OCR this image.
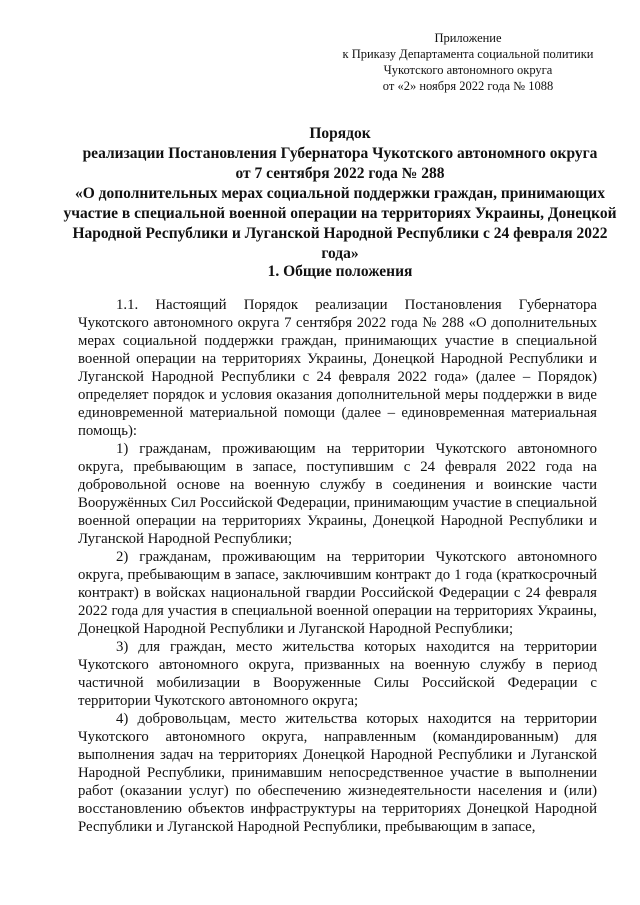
Приложение
к Приказу Департамента социальной политики
Чукотского автономного округа
от «2» ноября 2022 года № 1088
Порядок
реализации Постановления Губернатора Чукотского автономного округа
от 7 сентября 2022 года № 288
«О дополнительных мерах социальной поддержки граждан, принимающих участие в специальной военной операции на территориях Украины, Донецкой Народной Республики и Луганской Народной Республики с 24 февраля 2022 года»
1. Общие положения

1.1. Настоящий Порядок реализации Постановления Губернатора Чукотского автономного округа 7 сентября 2022 года № 288 «О дополнительных мерах социальной поддержки граждан, принимающих участие в специальной военной операции на территориях Украины, Донецкой Народной Республики и Луганской Народной Республики с 24 февраля 2022 года» (далее – Порядок) определяет порядок и условия оказания дополнительной меры поддержки в виде единовременной материальной помощи (далее – единовременная материальная помощь):

1) гражданам, проживающим на территории Чукотского автономного округа, пребывающим в запасе, поступившим с 24 февраля 2022 года на добровольной основе на военную службу в соединения и воинские части Вооружённых Сил Российской Федерации, принимающим участие в специальной военной операции на территориях Украины, Донецкой Народной Республики и Луганской Народной Республики;

2) гражданам, проживающим на территории Чукотского автономного округа, пребывающим в запасе, заключившим контракт до 1 года (краткосрочный контракт) в войсках национальной гвардии Российской Федерации с 24 февраля 2022 года для участия в специальной военной операции на территориях Украины, Донецкой Народной Республики и Луганской Народной Республики;

3) для граждан, место жительства которых находится на территории Чукотского автономного округа, призванных на военную службу в период частичной мобилизации в Вооруженные Силы Российской Федерации с территории Чукотского автономного округа;

4) добровольцам, место жительства которых находится на территории Чукотского автономного округа, направленным (командированным) для выполнения задач на территориях Донецкой Народной Республики и Луганской Народной Республики, принимавшим непосредственное участие в выполнении работ (оказании услуг) по обеспечению жизнедеятельности населения и (или) восстановлению объектов инфраструктуры на территориях Донецкой Народной Республики и Луганской Народной Республики, пребывающим в запасе,
